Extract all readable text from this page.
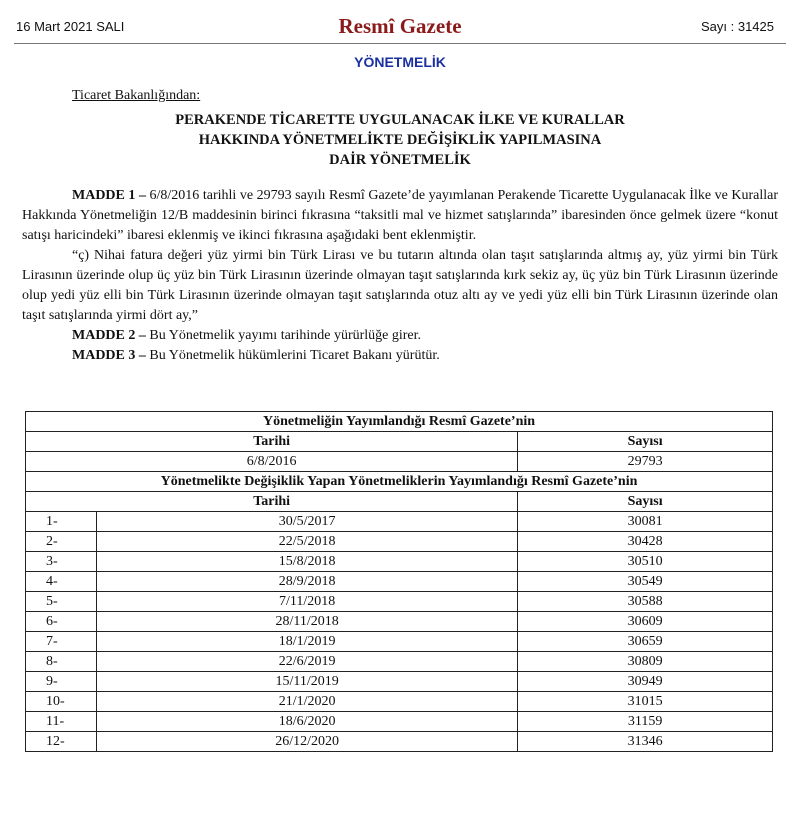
16 Mart 2021 SALI	Resmî Gazete	Sayı : 31425
YÖNETMELİK
Ticaret Bakanlığından:
PERAKENDE TİCARETTE UYGULANACAK İLKE VE KURALLAR
HAKKINDA YÖNETMELİKTE DEĞİŞİKLİK YAPILMASINA
DAİR YÖNETMELİK

MADDE 1 – 6/8/2016 tarihli ve 29793 sayılı Resmî Gazete’de yayımlanan Perakende Ticarette Uygulanacak İlke ve Kurallar Hakkında Yönetmeliğin 12/B maddesinin birinci fıkrasına “taksitli mal ve hizmet satışlarında” ibaresinden önce gelmek üzere “konut satışı haricindeki” ibaresi eklenmiş ve ikinci fıkrasına aşağıdaki bent eklenmiştir.

“ç) Nihai fatura değeri yüz yirmi bin Türk Lirası ve bu tutarın altında olan taşıt satışlarında altmış ay, yüz yirmi bin Türk Lirasının üzerinde olup üç yüz bin Türk Lirasının üzerinde olmayan taşıt satışlarında kırk sekiz ay, üç yüz bin Türk Lirasının üzerinde olup yedi yüz elli bin Türk Lirasının üzerinde olmayan taşıt satışlarında otuz altı ay ve yedi yüz elli bin Türk Lirasının üzerinde olan taşıt satışlarında yirmi dört ay,”

MADDE 2 – Bu Yönetmelik yayımı tarihinde yürürlüğe girer.

MADDE 3 – Bu Yönetmelik hükümlerini Ticaret Bakanı yürütür.

Yönetmeliğin Yayımlandığı Resmî Gazete’nin		
Tarihi		Sayısı
6/8/2016		29793
Yönetmelikte Değişiklik Yapan Yönetmeliklerin Yayımlandığı Resmî Gazete’nin		
Tarihi		Sayısı
1-	30/5/2017	30081
2-	22/5/2018	30428
3-	15/8/2018	30510
4-	28/9/2018	30549
5-	7/11/2018	30588
6-	28/11/2018	30609
7-	18/1/2019	30659
8-	22/6/2019	30809
9-	15/11/2019	30949
10-	21/1/2020	31015
11-	18/6/2020	31159
12-	26/12/2020	31346
